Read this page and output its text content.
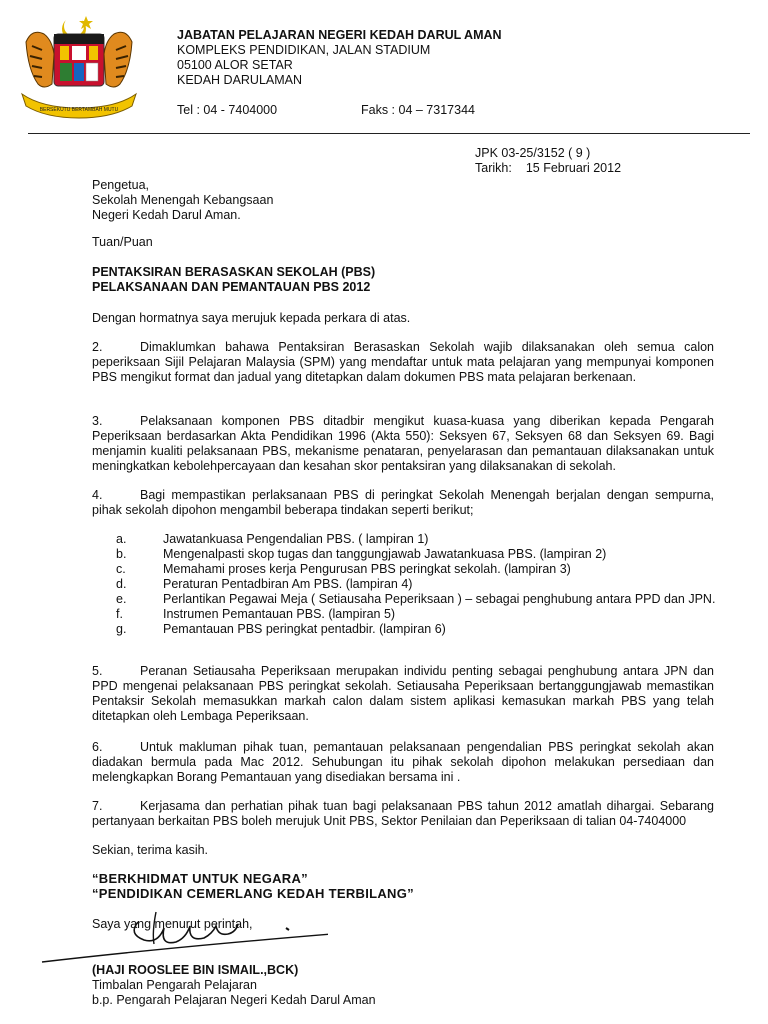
BERSEKUTU BERTAMBAH MUTU
JABATAN PELAJARAN NEGERI KEDAH DARUL AMAN
KOMPLEKS PENDIDIKAN, JALAN STADIUM
05100 ALOR SETAR
KEDAH DARULAMAN
Tel : 04 - 7404000	Faks : 04 – 7317344
JPK 03-25/3152 ( 9 )
Tarikh: 15 Februari 2012
Pengetua,
Sekolah Menengah Kebangsaan
Negeri Kedah Darul Aman.
Tuan/Puan
PENTAKSIRAN BERASASKAN SEKOLAH (PBS)
PELAKSANAAN DAN PEMANTAUAN PBS 2012
Dengan hormatnya saya merujuk kepada perkara di atas.

2.	Dimaklumkan bahawa Pentaksiran Berasaskan Sekolah wajib dilaksanakan oleh semua calon peperiksaan Sijil Pelajaran Malaysia (SPM) yang mendaftar untuk mata pelajaran yang mempunyai komponen PBS mengikut format dan jadual yang ditetapkan dalam dokumen PBS mata pelajaran berkenaan.

3.	Pelaksanaan komponen PBS ditadbir mengikut kuasa-kuasa yang diberikan kepada Pengarah Peperiksaan berdasarkan Akta Pendidikan 1996 (Akta 550): Seksyen 67, Seksyen 68 dan Seksyen 69. Bagi menjamin kualiti pelaksanaan PBS, mekanisme penataran, penyelarasan dan pemantauan dilaksanakan untuk meningkatkan kebolehpercayaan dan kesahan skor pentaksiran yang dilaksanakan di sekolah.

4.	Bagi mempastikan perlaksanaan PBS di peringkat Sekolah Menengah berjalan dengan sempurna, pihak sekolah dipohon mengambil beberapa tindakan seperti berikut;

a.	Jawatankuasa Pengendalian PBS. ( lampiran 1)
b.	Mengenalpasti skop tugas dan tanggungjawab Jawatankuasa PBS. (lampiran 2)
c.	Memahami proses kerja Pengurusan PBS peringkat sekolah. (lampiran 3)
d.	Peraturan Pentadbiran Am PBS. (lampiran 4)
e.	Perlantikan Pegawai Meja ( Setiausaha Peperiksaan ) – sebagai penghubung antara PPD dan JPN.
f.	Instrumen Pemantauan PBS. (lampiran 5)
g.	Pemantauan PBS peringkat pentadbir. (lampiran 6)

5.	Peranan Setiausaha Peperiksaan merupakan individu penting sebagai penghubung antara JPN dan PPD mengenai pelaksanaan PBS peringkat sekolah. Setiausaha Peperiksaan bertanggungjawab memastikan Pentaksir Sekolah memasukkan markah calon dalam sistem aplikasi kemasukan markah PBS yang telah ditetapkan oleh Lembaga Peperiksaan.

6.	Untuk makluman pihak tuan, pemantauan pelaksanaan pengendalian PBS peringkat sekolah akan diadakan bermula pada Mac 2012. Sehubungan itu pihak sekolah dipohon melakukan persediaan dan melengkapkan Borang Pemantauan yang disediakan bersama ini .

7.	Kerjasama dan perhatian pihak tuan bagi pelaksanaan PBS tahun 2012 amatlah dihargai. Sebarang pertanyaan berkaitan PBS boleh merujuk Unit PBS, Sektor Penilaian dan Peperiksaan di talian 04-7404000

Sekian, terima kasih.
“BERKHIDMAT UNTUK NEGARA”
“PENDIDIKAN CEMERLANG KEDAH TERBILANG”
Saya yang menurut perintah,
(HAJI ROOSLEE BIN ISMAIL.,BCK)
Timbalan Pengarah Pelajaran
b.p. Pengarah Pelajaran Negeri Kedah Darul Aman
